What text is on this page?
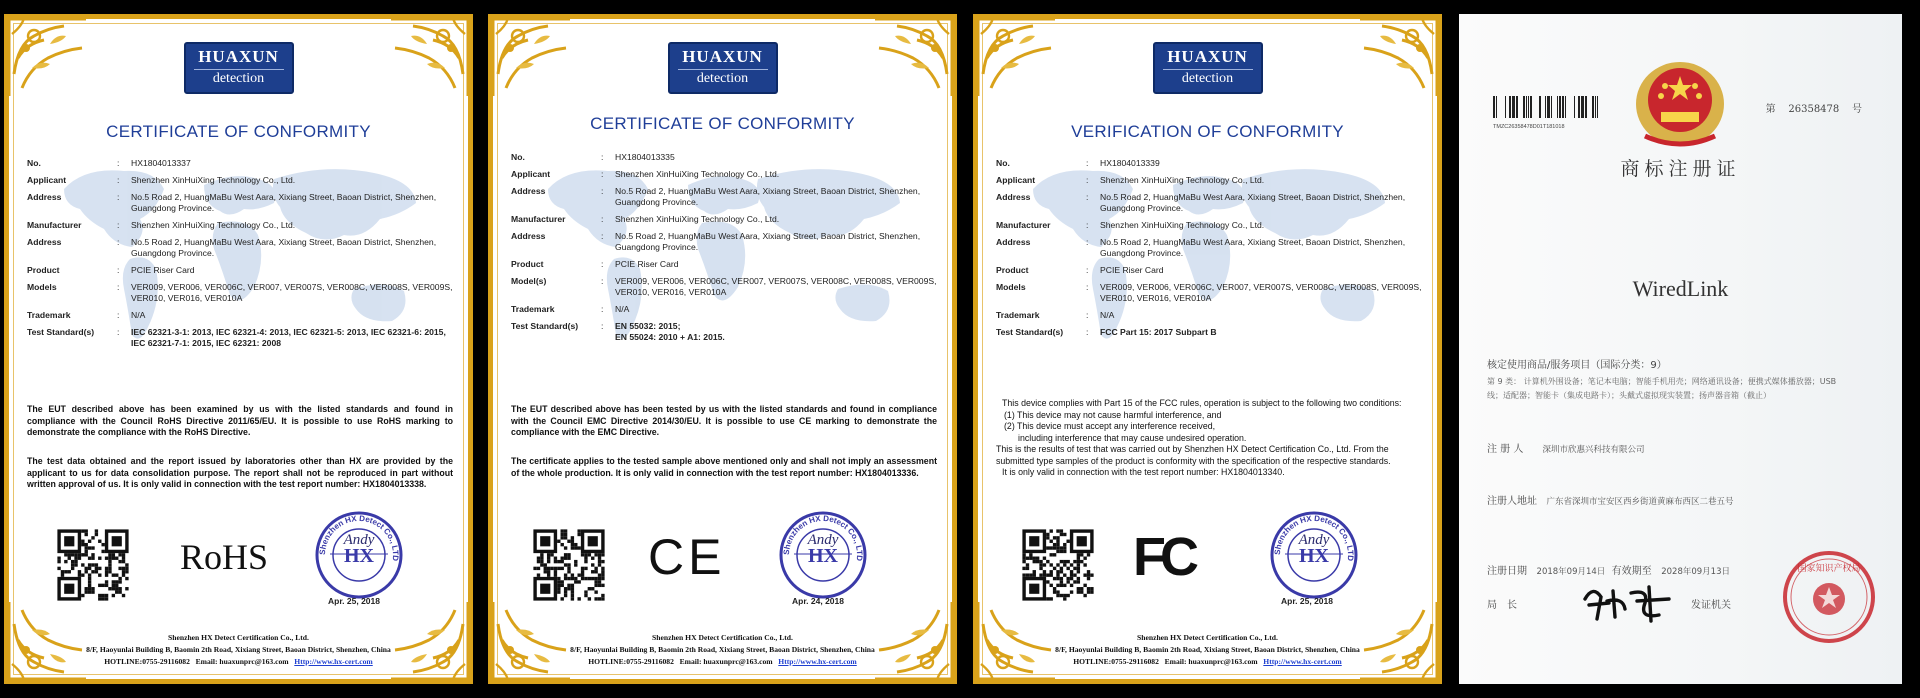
HUAXUN
detection
CERTIFICATE OF CONFORMITY
No.	:	HX1804013337
Applicant	:	Shenzhen XinHuiXing Technology Co., Ltd.
Address	:	No.5 Road 2, HuangMaBu West Aara, Xixiang Street, Baoan District, Shenzhen, Guangdong Province.
Manufacturer	:	Shenzhen XinHuiXing Technology Co., Ltd.
Address	:	No.5 Road 2, HuangMaBu West Aara, Xixiang Street, Baoan District, Shenzhen, Guangdong Province.
Product	:	PCIE Riser Card
Models	:	VER009, VER006, VER006C, VER007, VER007S, VER008C, VER008S, VER009S, VER010, VER016, VER010A
Trademark	:	N/A
Test Standard(s)	:	IEC 62321-3-1: 2013, IEC 62321-4: 2013, IEC 62321-5: 2013, IEC 62321-6: 2015, IEC 62321-7-1: 2015, IEC 62321: 2008
The EUT described above has been examined by us with the listed standards and found in compliance with the Council RoHS Directive 2011/65/EU. It is possible to use RoHS marking to demonstrate the compliance with the RoHS Directive.
The test data obtained and the report issued by laboratories other than HX are provided by the applicant to us for data consolidation purpose. The report shall not be reproduced in part without written approval of us. It is only valid in connection with the test report number: HX1804013338.
RoHS	Shenzhen HX Detect Co., LTD
HX
Andy
Apr. 25, 2018
Shenzhen HX Detect Certification Co., Ltd.
8/F, Haoyunlai Building B, Baomin 2th Road, Xixiang Street, Baoan District, Shenzhen, China
HOTLINE:0755-29116082 Email: huaxunprc@163.com Http://www.hx-cert.com
HUAXUN
detection
CERTIFICATE OF CONFORMITY
No.	:	HX1804013335
Applicant	:	Shenzhen XinHuiXing Technology Co., Ltd.
Address	:	No.5 Road 2, HuangMaBu West Aara, Xixiang Street, Baoan District, Shenzhen, Guangdong Province.
Manufacturer	:	Shenzhen XinHuiXing Technology Co., Ltd.
Address	:	No.5 Road 2, HuangMaBu West Aara, Xixiang Street, Baoan District, Shenzhen, Guangdong Province.
Product	:	PCIE Riser Card
Model(s)	:	VER009, VER006, VER006C, VER007, VER007S, VER008C, VER008S, VER009S, VER010, VER016, VER010A
Trademark	:	N/A
Test Standard(s)	:	EN 55032: 2015;
EN 55024: 2010 + A1: 2015.
The EUT described above has been tested by us with the listed standards and found in compliance with the Council EMC Directive 2014/30/EU. It is possible to use CE marking to demonstrate the compliance with the EMC Directive.
The certificate applies to the tested sample above mentioned only and shall not imply an assessment of the whole production. It is only valid in connection with the test report number: HX1804013336.
CE	Shenzhen HX Detect Co., LTD
HX
Andy
Apr. 24, 2018
Shenzhen HX Detect Certification Co., Ltd.
8/F, Haoyunlai Building B, Baomin 2th Road, Xixiang Street, Baoan District, Shenzhen, China
HOTLINE:0755-29116082 Email: huaxunprc@163.com Http://www.hx-cert.com
HUAXUN
detection
VERIFICATION OF CONFORMITY
No.	:	HX1804013339
Applicant	:	Shenzhen XinHuiXing Technology Co., Ltd.
Address	:	No.5 Road 2, HuangMaBu West Aara, Xixiang Street, Baoan District, Shenzhen, Guangdong Province.
Manufacturer	:	Shenzhen XinHuiXing Technology Co., Ltd.
Address	:	No.5 Road 2, HuangMaBu West Aara, Xixiang Street, Baoan District, Shenzhen, Guangdong Province.
Product	:	PCIE Riser Card
Models	:	VER009, VER006, VER006C, VER007, VER007S, VER008C, VER008S, VER009S, VER010, VER016, VER010A
Trademark	:	N/A
Test Standard(s)	:	FCC Part 15: 2017 Subpart B
This device complies with Part 15 of the FCC rules, operation is subject to the following two conditions:
(1) This device may not cause harmful interference, and
(2) This device must accept any interference received,
including interference that may cause undesired operation.
This is the results of test that was carried out by Shenzhen HX Detect Certification Co., Ltd. From the submitted type samples of the product is conformity with the specification of the respective standards.
It is only valid in connection with the test report number: HX1804013340.
FC	Shenzhen HX Detect Co., LTD
HX
Andy
Apr. 25, 2018
Shenzhen HX Detect Certification Co., Ltd.
8/F, Haoyunlai Building B, Baomin 2th Road, Xixiang Street, Baoan District, Shenzhen, China
HOTLINE:0755-29116082 Email: huaxunprc@163.com Http://www.hx-cert.com
TMZC26358478D01T181018
第 26358478 号
商标注册证
WiredLink
核定使用商品/服务项目（国际分类：9）
第 9 类： 计算机外围设备；笔记本电脑；智能手机用壳；网络通讯设备；便携式媒体播放器；USB
线；适配器；智能卡（集成电路卡）；头戴式虚拟现实装置；扬声器音箱（截止）
注 册 人 深圳市欣惠兴科技有限公司
注册人地址 广东省深圳市宝安区西乡街道黄麻布西区二巷五号
注册日期 2018年09月14日 有效期至 2028年09月13日
局　长	发证机关
国家知识产权局
